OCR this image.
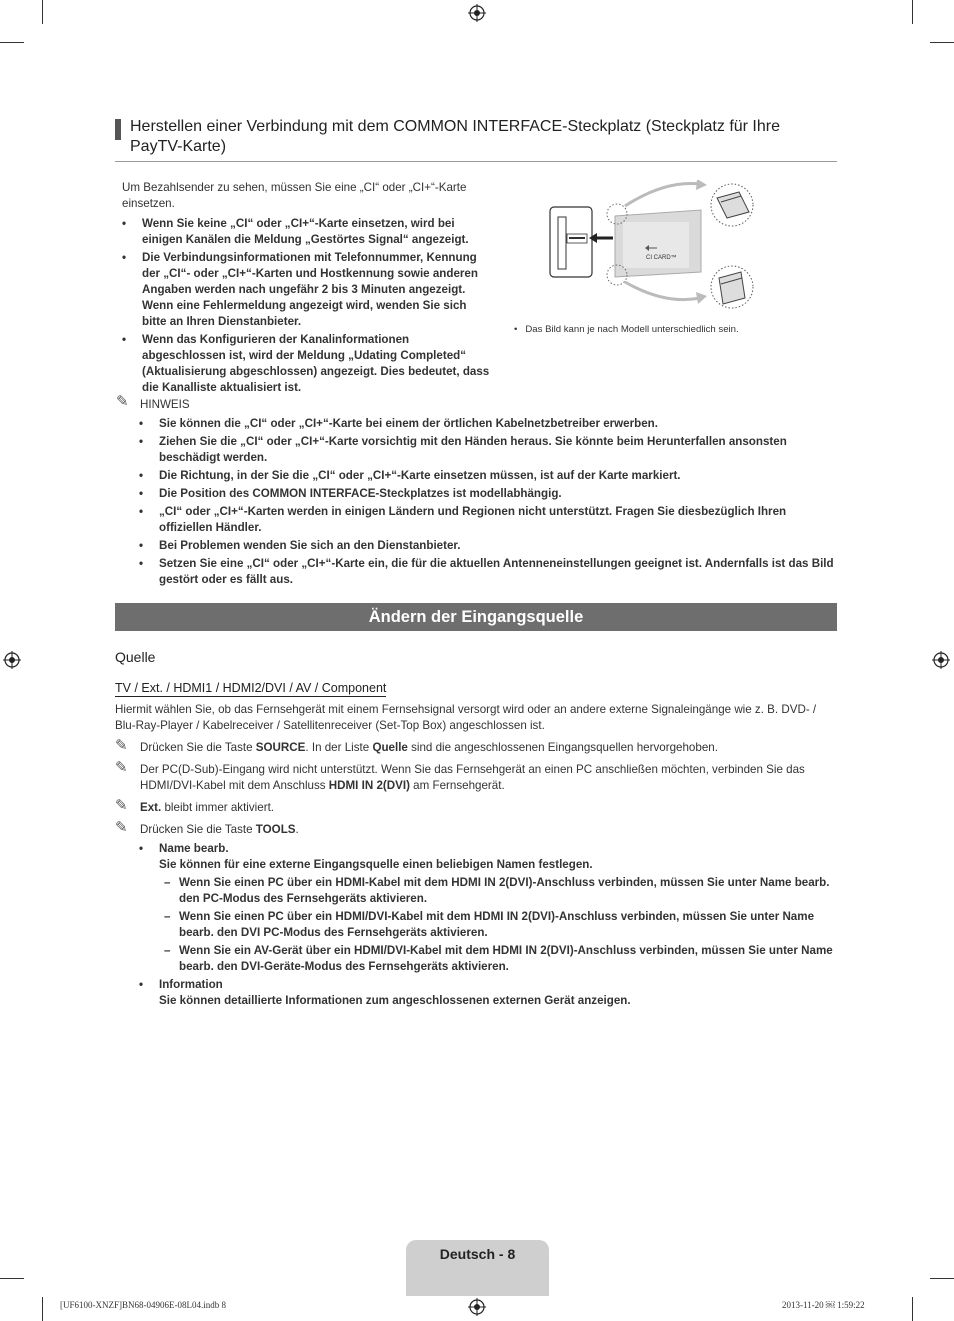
Herstellen einer Verbindung mit dem COMMON INTERFACE-Steckplatz (Steckplatz für Ihre PayTV-Karte)
Um Bezahlsender zu sehen, müssen Sie eine „CI“ oder „CI+“-Karte einsetzen.
• Wenn Sie keine „CI“ oder „CI+“-Karte einsetzen, wird bei einigen Kanälen die Meldung „Gestörtes Signal“ angezeigt.
• Die Verbindungsinformationen mit Telefonnummer, Kennung der „CI“- oder „CI+“-Karten und Hostkennung sowie anderen Angaben werden nach ungefähr 2 bis 3 Minuten angezeigt. Wenn eine Fehlermeldung angezeigt wird, wenden Sie sich bitte an Ihren Dienstanbieter.
• Wenn das Konfigurieren der Kanalinformationen abgeschlossen ist, wird der Meldung „Udating Completed“ (Aktualisierung abgeschlossen) angezeigt. Dies bedeutet, dass die Kanalliste aktualisiert ist.
CI CARD™
•   Das Bild kann je nach Modell unterschiedlich sein.
✎ HINWEIS
• Sie können die „CI“ oder „CI+“-Karte bei einem der örtlichen Kabelnetzbetreiber erwerben.
• Ziehen Sie die „CI“ oder „CI+“-Karte vorsichtig mit den Händen heraus. Sie könnte beim Herunterfallen ansonsten beschädigt werden.
• Die Richtung, in der Sie die „CI“ oder „CI+“-Karte einsetzen müssen, ist auf der Karte markiert.
• Die Position des COMMON INTERFACE-Steckplatzes ist modellabhängig.
• „CI“ oder „CI+“-Karten werden in einigen Ländern und Regionen nicht unterstützt. Fragen Sie diesbezüglich Ihren offiziellen Händler.
• Bei Problemen wenden Sie sich an den Dienstanbieter.
• Setzen Sie eine „CI“ oder „CI+“-Karte ein, die für die aktuellen Antenneneinstellungen geeignet ist. Andernfalls ist das Bild gestört oder es fällt aus.
Ändern der Eingangsquelle
Quelle
TV / Ext. / HDMI1 / HDMI2/DVI / AV / Component
Hiermit wählen Sie, ob das Fernsehgerät mit einem Fernsehsignal versorgt wird oder an andere externe Signaleingänge wie z. B. DVD- / Blu-Ray-Player / Kabelreceiver / Satellitenreceiver (Set-Top Box) angeschlossen ist.
✎ Drücken Sie die Taste SOURCE. In der Liste Quelle sind die angeschlossenen Eingangsquellen hervorgehoben.
✎ Der PC(D-Sub)-Eingang wird nicht unterstützt. Wenn Sie das Fernsehgerät an einen PC anschließen möchten, verbinden Sie das HDMI/DVI-Kabel mit dem Anschluss HDMI IN 2(DVI) am Fernsehgerät.
✎ Ext. bleibt immer aktiviert.
✎ Drücken Sie die Taste TOOLS.
• Name bearb.
Sie können für eine externe Eingangsquelle einen beliebigen Namen festlegen.
– Wenn Sie einen PC über ein HDMI-Kabel mit dem HDMI IN 2(DVI)-Anschluss verbinden, müssen Sie unter Name bearb. den PC-Modus des Fernsehgeräts aktivieren.
– Wenn Sie einen PC über ein HDMI/DVI-Kabel mit dem HDMI IN 2(DVI)-Anschluss verbinden, müssen Sie unter Name bearb. den DVI PC-Modus des Fernsehgeräts aktivieren.
– Wenn Sie ein AV-Gerät über ein HDMI/DVI-Kabel mit dem HDMI IN 2(DVI)-Anschluss verbinden, müssen Sie unter Name bearb. den DVI-Geräte-Modus des Fernsehgeräts aktivieren.
• Information
Sie können detaillierte Informationen zum angeschlossenen externen Gerät anzeigen.
Deutsch - 8
[UF6100-XNZF]BN68-04906E-08L04.indb 8	2013-11-20 ￼ 1:59:22
